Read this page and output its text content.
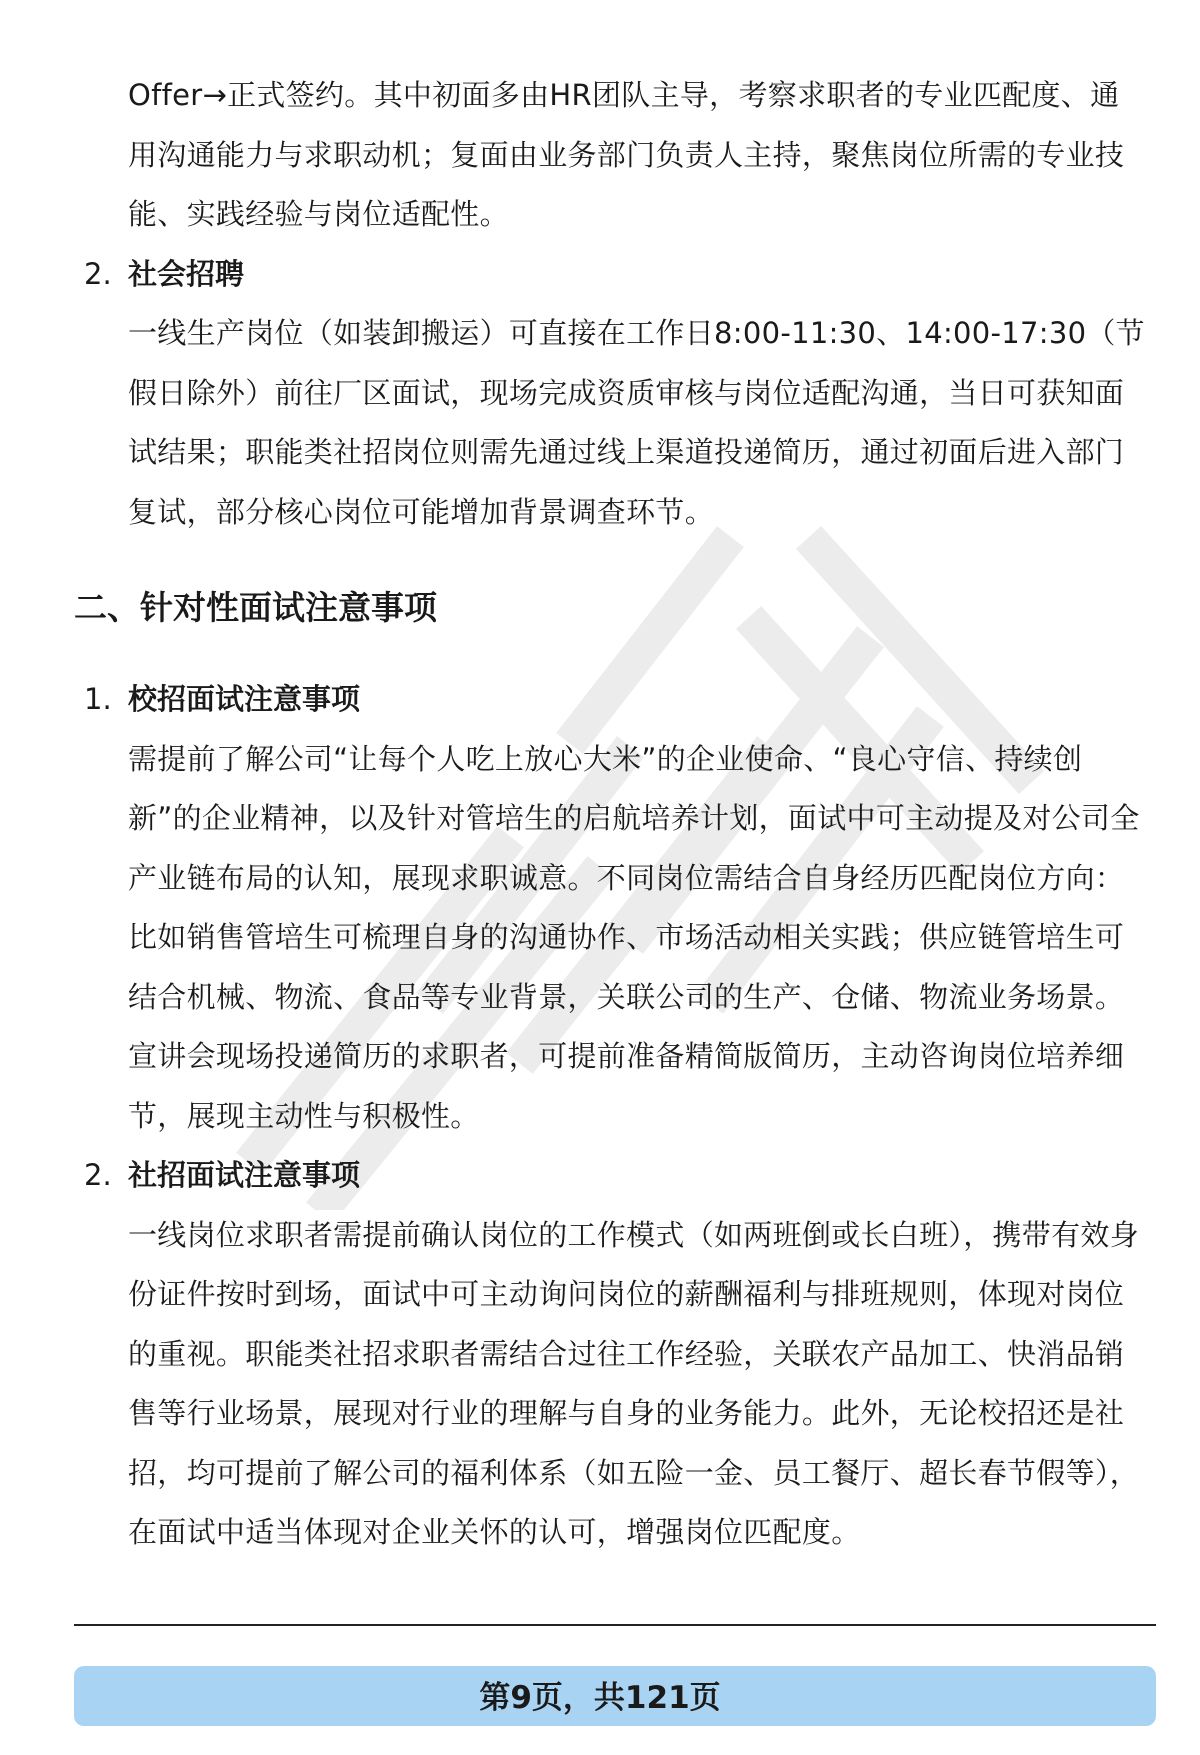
Offer→正式签约。其中初面多由HR团队主导，考察求职者的专业匹配度、通用沟通能力与求职动机；复面由业务部门负责人主持，聚焦岗位所需的专业技能、实践经验与岗位适配性。

2. 社会招聘

一线生产岗位（如装卸搬运）可直接在工作日8:00-11:30、14:00-17:30（节假日除外）前往厂区面试，现场完成资质审核与岗位适配沟通，当日可获知面试结果；职能类社招岗位则需先通过线上渠道投递简历，通过初面后进入部门复试，部分核心岗位可能增加背景调查环节。

二、针对性面试注意事项
1. 校招面试注意事项

需提前了解公司“让每个人吃上放心大米”的企业使命、“良心守信、持续创新”的企业精神，以及针对管培生的启航培养计划，面试中可主动提及对公司全产业链布局的认知，展现求职诚意。不同岗位需结合自身经历匹配岗位方向：比如销售管培生可梳理自身的沟通协作、市场活动相关实践；供应链管培生可结合机械、物流、食品等专业背景，关联公司的生产、仓储、物流业务场景。宣讲会现场投递简历的求职者，可提前准备精简版简历，主动咨询岗位培养细节，展现主动性与积极性。

2. 社招面试注意事项

一线岗位求职者需提前确认岗位的工作模式（如两班倒或长白班），携带有效身份证件按时到场，面试中可主动询问岗位的薪酬福利与排班规则，体现对岗位的重视。职能类社招求职者需结合过往工作经验，关联农产品加工、快消品销售等行业场景，展现对行业的理解与自身的业务能力。此外，无论校招还是社招，均可提前了解公司的福利体系（如五险一金、员工餐厅、超长春节假等），在面试中适当体现对企业关怀的认可，增强岗位匹配度。

第9页，共121页
